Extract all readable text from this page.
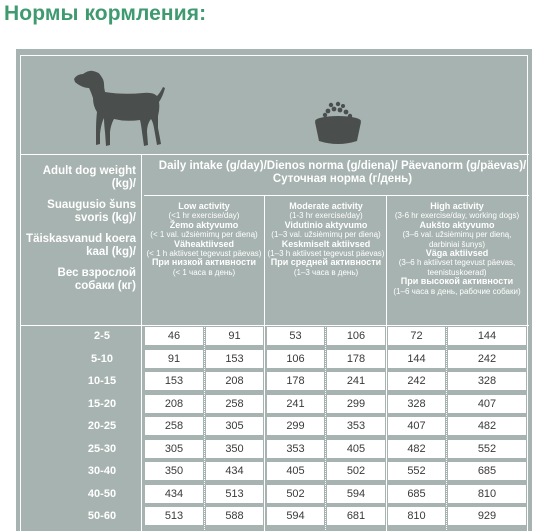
Нормы кормления:
Adult dog weight (kg)/
Suaugusio šuns svoris (kg)/
Täiskasvanud koera kaal (kg)/
Вес взрослой собаки (кг)
Daily intake (g/day)/Dienos norma (g/diena)/ Päevanorm (g/päevas)/Суточная норма (г/день)
Low activity
(<1 hr exercise/day)
Žemo aktyvumo
(< 1 val. užsiėmimų per dieną)
Väheaktiivsed
(< 1 h aktiivset tegevust päevas)
При низкой активности
(< 1 часа в день)
Moderate activity
(1-3 hr exercise/day)
Vidutinio aktyvumo
(1–3 val. užsiėmimų per dieną)
Keskmiselt aktiivsed
(1–3 h aktiivset tegevust päevas)
При средней активности
(1–3 часа в день)
High activity
(3-6 hr exercise/day, working dogs)
Aukšto aktyvumo
(3–6 val. užsiėmimų per dieną, darbiniai šunys)
Väga aktiivsed
(3–6 h aktiivset tegevust päevas, teenistuskoerad)
При высокой активности
(1–6 часа в день, рабочие собаки)
2-5	46	91	53	106	72	144
5-10	91	153	106	178	144	242
10-15	153	208	178	241	242	328
15-20	208	258	241	299	328	407
20-25	258	305	299	353	407	482
25-30	305	350	353	405	482	552
30-40	350	434	405	502	552	685
40-50	434	513	502	594	685	810
50-60	513	588	594	681	810	929
